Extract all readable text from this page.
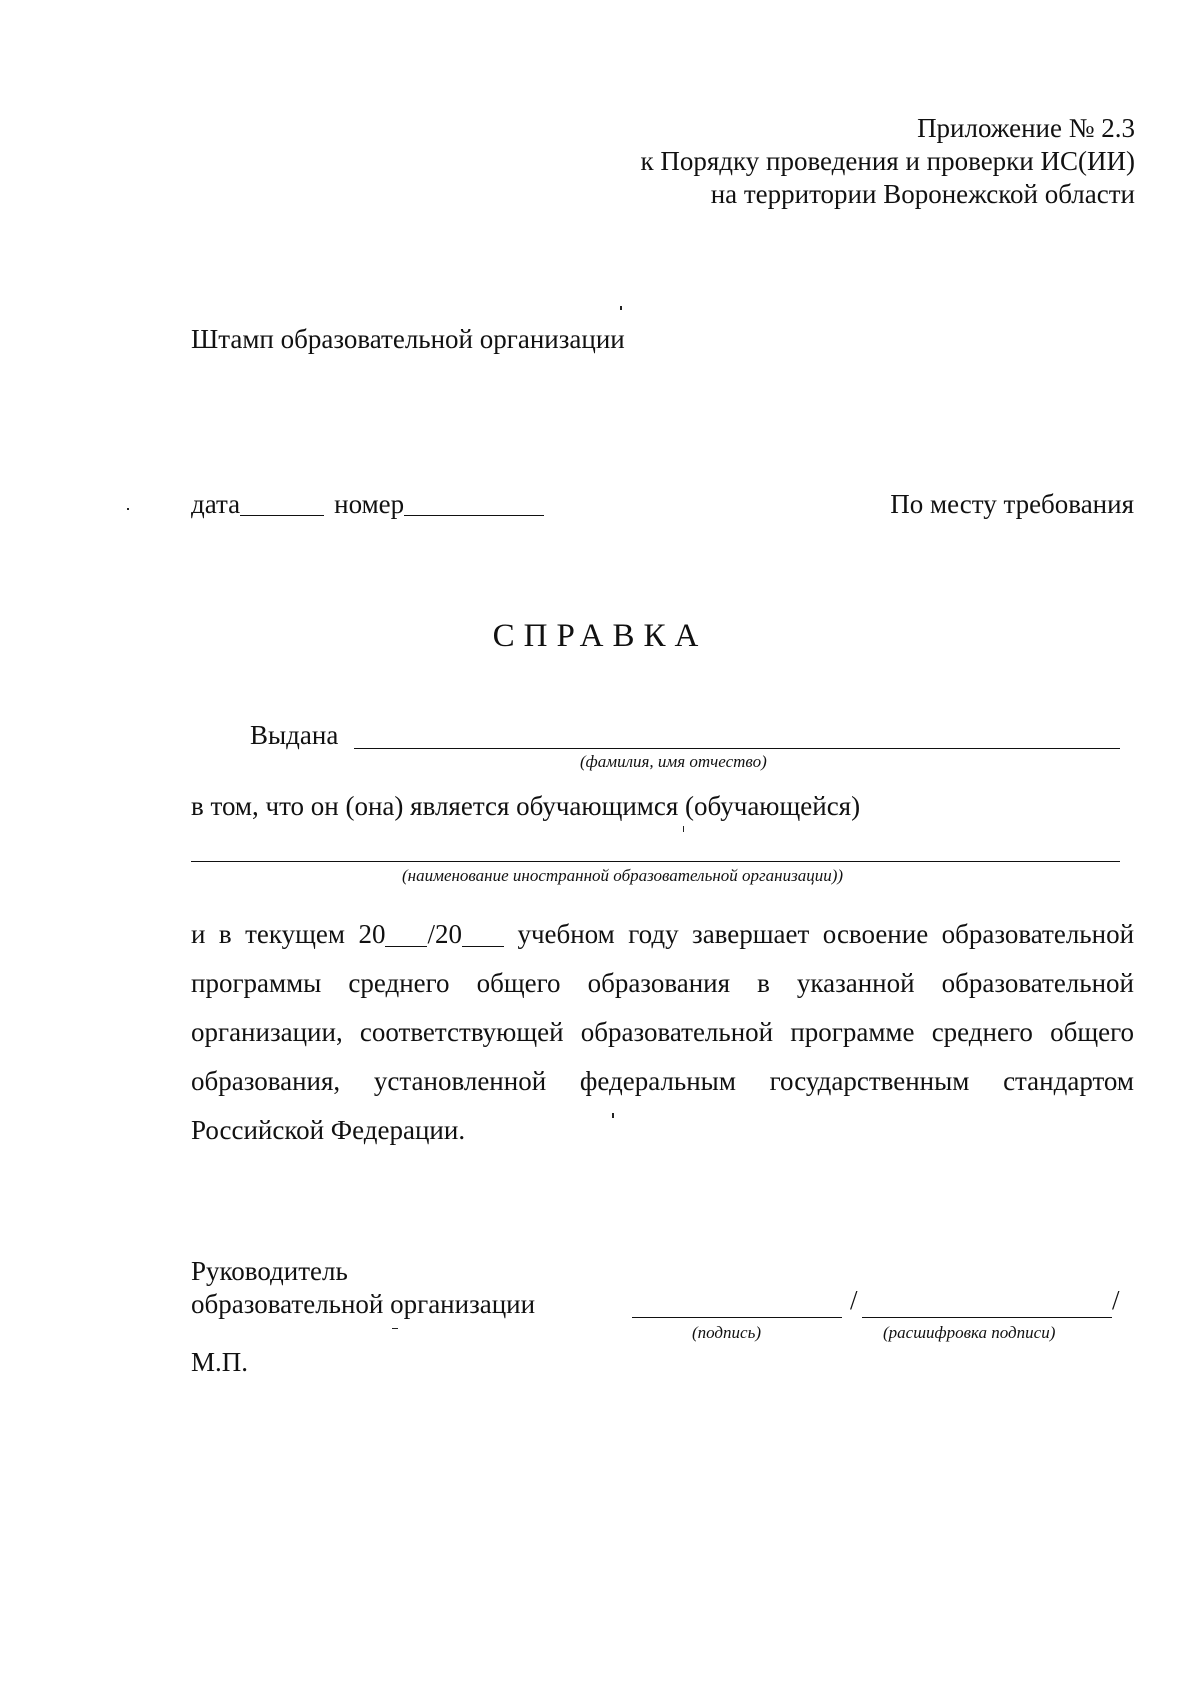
Приложение № 2.3
к Порядку проведения и проверки ИС(ИИ)
на территории Воронежской области
Штамп образовательной организации
дата	номер	По месту требования
СПРАВКА
Выдана
(фамилия, имя отчество)
в том, что он (она) является обучающимся (обучающейся)
(наименование иностранной образовательной организации))
и в текущем 20 /20 учебном году завершает освоение образовательной
программы среднего общего образования в указанной образовательной
организации, соответствующей образовательной программе среднего общего
образования, установленной федеральным государственным стандартом
Российской Федерации.
Руководитель
образовательной организации	/	/
(подпись)	(расшифровка подписи)
М.П.
